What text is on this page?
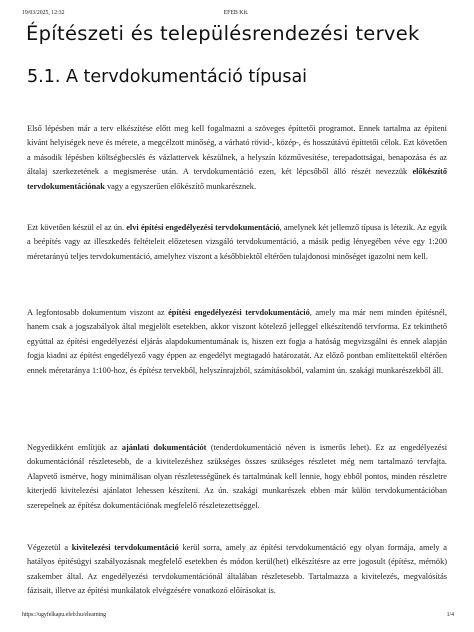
19/03/2025, 12:32	EFEB Kft.
Építészeti és településrendezési tervek
5.1. A tervdokumentáció típusai

Első lépésben már a terv elkészítése előtt meg kell fogalmazni a szöveges építtetői programot. Ennek tartalma az építeni kívánt helyiségek neve és mérete, a megcélzott minőség, a várható rövid-, közép-, és hosszútávú építtetői célok. Ezt követően a második lépésben költségbecslés és vázlattervek készülnek, a helyszín közművesítése, terepadottságai, benapozása és az általaj szerkezetének a megismerése után. A tervdokumentáció ezen, két lépcsőből álló részét nevezzük előkészítő tervdokumentációnak vagy a egyszerűen előkészítő munkarésznek.

Ezt követően készül el az ún. elvi építési engedélyezési tervdokumentáció, amelynek két jellemző típusa is létezik. Az egyik a beépítés vagy az illeszkedés feltételeit előzetesen vizsgáló tervdokumentáció, a másik pedig lényegében véve egy 1:200 méretarányú teljes tervdokumentáció, amelyhez viszont a későbbiektől eltérően tulajdonosi minőséget igazolni nem kell.

A legfontosabb dokumentum viszont az építési engedélyezési tervdokumentáció, amely ma már nem minden építésnél, hanem csak a jogszabályok által megjelölt esetekben, akkor viszont kötelező jelleggel elkészítendő tervforma. Ez tekinthető egyúttal az építési engedélyezési eljárás alapdokumentumának is, hiszen ezt fogja a hatóság megvizsgálni és ennek alapján fogja kiadni az építést engedélyező vagy éppen az engedélyt megtagadó határozatát. Az előző pontban említettektől eltérően ennek méretaránya 1:100-hoz, és építész tervekből, helyszínrajzból, számításokból, valamint ún. szakági munkarészekből áll.

Negyedikként említjük az ajánlati dokumentációt (tenderdokumentáció néven is ismerős lehet). Ez az engedélyezési dokumentációnál részletesebb, de a kivitelezéshez szükséges összes szükséges részletet még nem tartalmazó tervfajta. Alapvető ismérve, hogy minimálisan olyan részletességűnek és tartalmúnak kell lennie, hogy ebből pontos, minden részletre kiterjedő kivitelezési ajánlatot lehessen készíteni. Az ún. szakági munkarészek ebben már külön tervdokumentációban szerepelnek az építész dokumentációnak megfelelő részletezettséggel.

Végezetül a kivitelezési tervdokumentáció kerül sorra, amely az építési tervdokumentáció egy olyan formája, amely a hatályos építésügyi szabályozásnak megfelelő esetekben és módon kerül(het) elkészítésre az erre jogosult (építész, mérnök) szakember által. Az engedélyezési tervdokumentációnál általában részletesebb. Tartalmazza a kivitelezés, megvalósítás fázisait, illetve az építési munkálatok elvégzésére vonatkozó előírásokat is.

https://ugyfelkapu.efeb.hu/elearning	1/4
